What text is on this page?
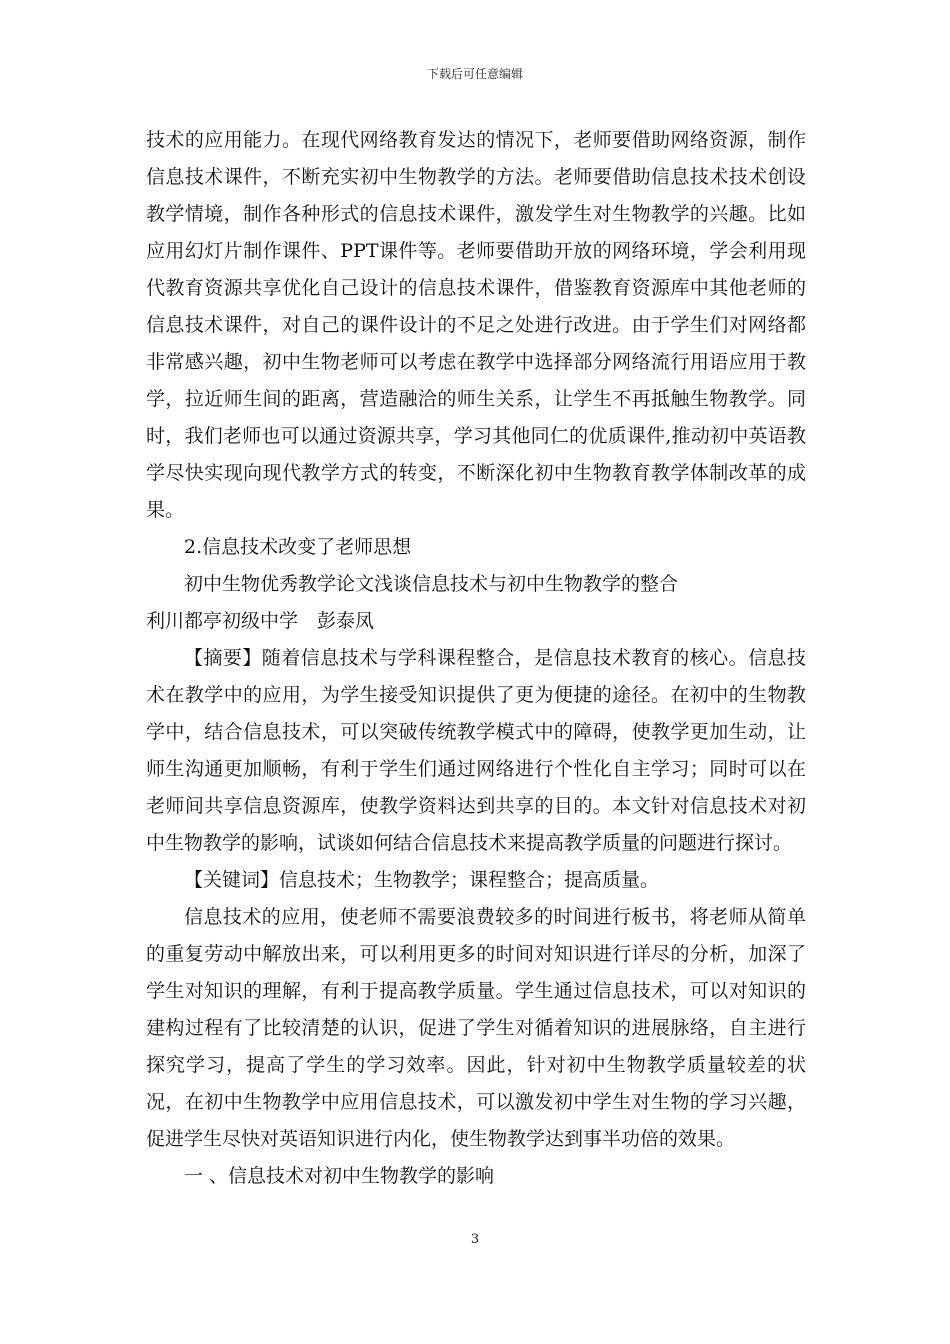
下载后可任意编辑

技术的应用能力。在现代网络教育发达的情况下，老师要借助网络资源，制作信息技术课件，不断充实初中生物教学的方法。老师要借助信息技术技术创设教学情境，制作各种形式的信息技术课件，激发学生对生物教学的兴趣。比如应用幻灯片制作课件、PPT课件等。老师要借助开放的网络环境，学会利用现代教育资源共享优化自己设计的信息技术课件，借鉴教育资源库中其他老师的信息技术课件，对自己的课件设计的不足之处进行改进。由于学生们对网络都非常感兴趣，初中生物老师可以考虑在教学中选择部分网络流行用语应用于教学，拉近师生间的距离，营造融洽的师生关系，让学生不再抵触生物教学。同时，我们老师也可以通过资源共享，学习其他同仁的优质课件,推动初中英语教学尽快实现向现代教学方式的转变，不断深化初中生物教育教学体制改革的成果。

2.信息技术改变了老师思想

初中生物优秀教学论文浅谈信息技术与初中生物教学的整合

利川都亭初级中学　彭泰凤

【摘要】随着信息技术与学科课程整合，是信息技术教育的核心。信息技术在教学中的应用，为学生接受知识提供了更为便捷的途径。在初中的生物教学中，结合信息技术，可以突破传统教学模式中的障碍，使教学更加生动，让师生沟通更加顺畅，有利于学生们通过网络进行个性化自主学习；同时可以在老师间共享信息资源库，使教学资料达到共享的目的。本文针对信息技术对初中生物教学的影响，试谈如何结合信息技术来提高教学质量的问题进行探讨。

【关键词】信息技术；生物教学；课程整合；提高质量。

信息技术的应用，使老师不需要浪费较多的时间进行板书，将老师从简单的重复劳动中解放出来，可以利用更多的时间对知识进行详尽的分析，加深了学生对知识的理解，有利于提高教学质量。学生通过信息技术，可以对知识的建构过程有了比较清楚的认识，促进了学生对循着知识的进展脉络，自主进行探究学习，提高了学生的学习效率。因此，针对初中生物教学质量较差的状况，在初中生物教学中应用信息技术，可以激发初中学生对生物的学习兴趣，促进学生尽快对英语知识进行内化，使生物教学达到事半功倍的效果。

一 、信息技术对初中生物教学的影响

3
